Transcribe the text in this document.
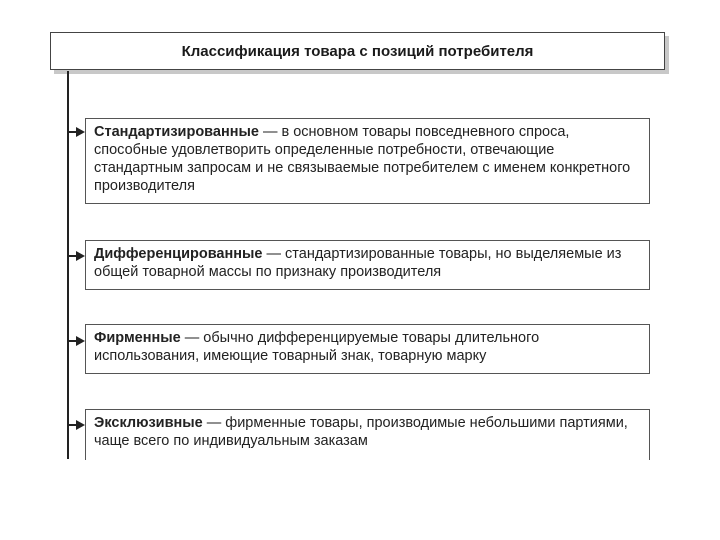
Классификация товара с позиций потребителя
Стандартизированные — в основном товары повседневного спроса, способные удовлетворить определенные потребности, отвечающие стандартным запросам и не связываемые потребителем с именем конкретного производителя
Дифференцированные — стандартизированные товары, но выделяемые из общей товарной массы по признаку производителя
Фирменные — обычно дифференцируемые товары длительного использования, имеющие товарный знак, товарную марку
Эксклюзивные — фирменные товары, производимые небольшими партиями, чаще всего по индивидуальным заказам
